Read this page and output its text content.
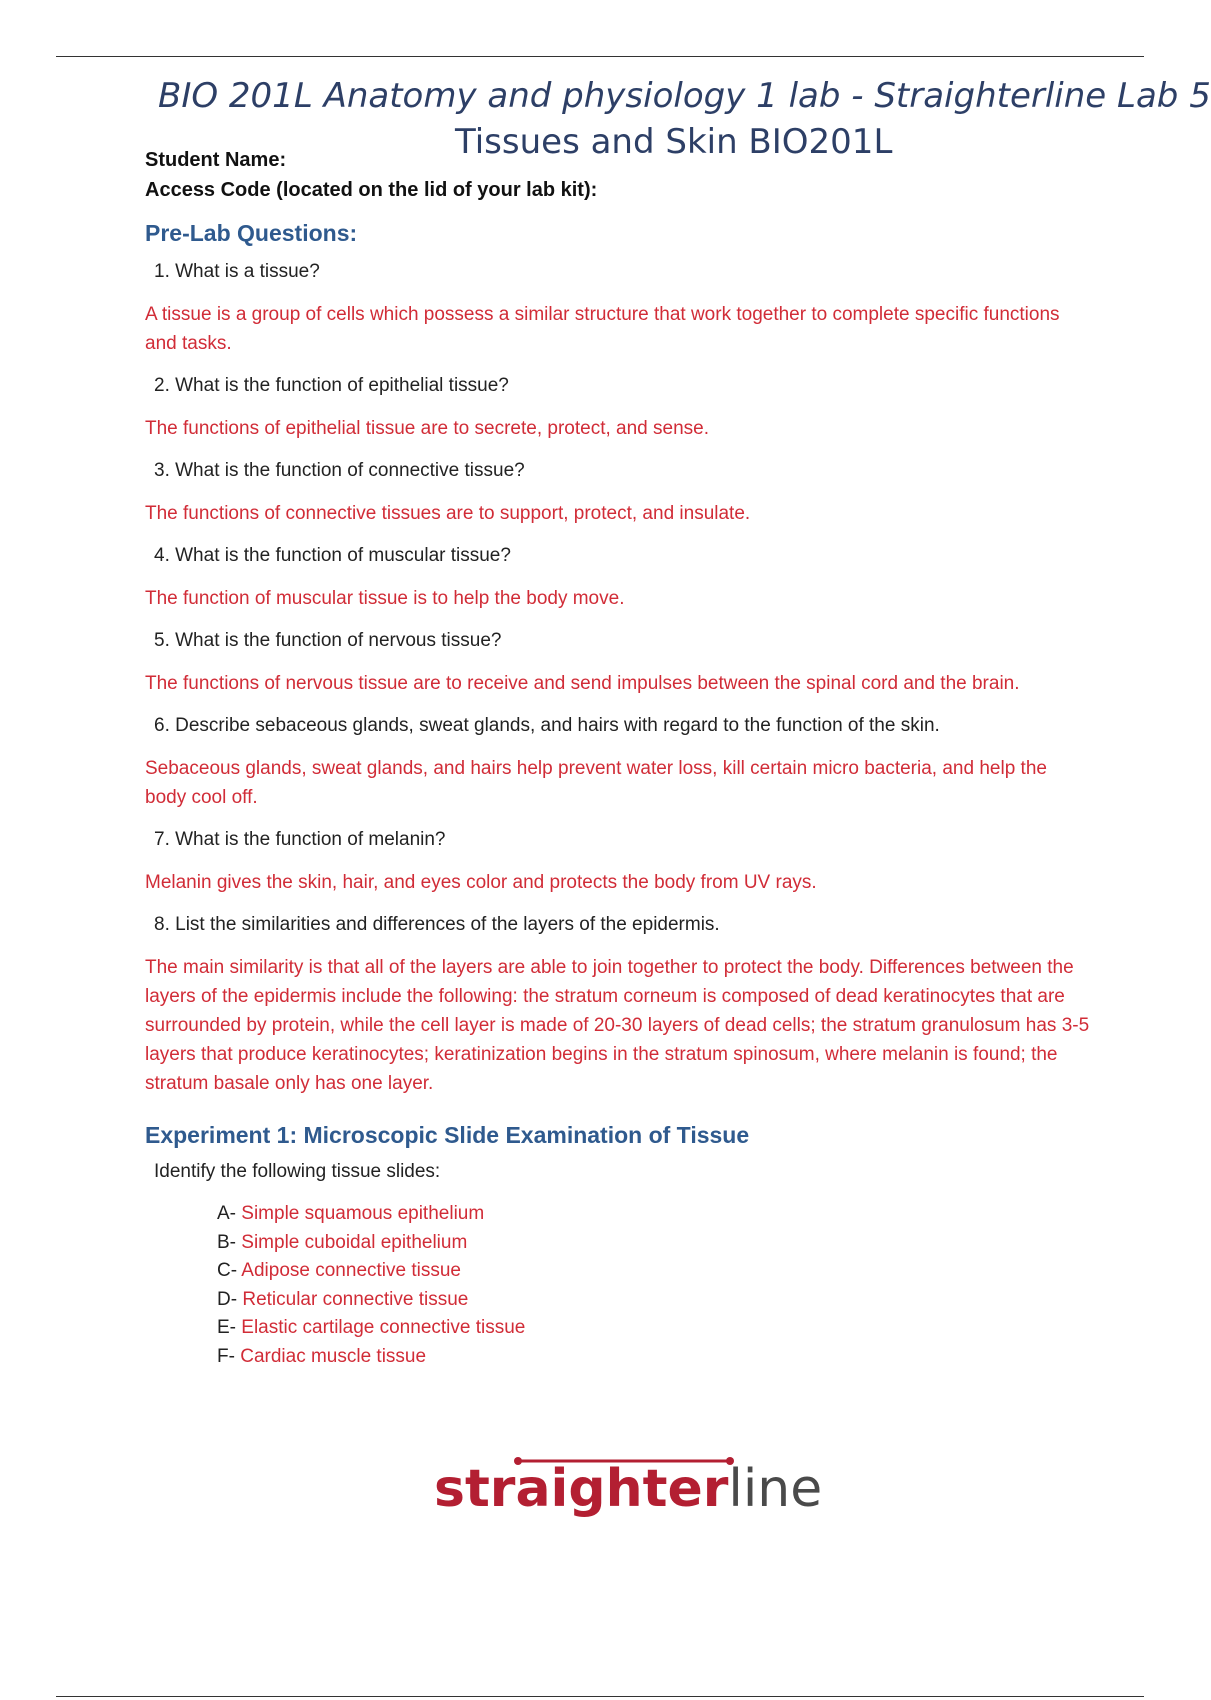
BIO 201L Anatomy and physiology 1 lab - Straighterline Lab 5
Tissues and Skin BIO201L
Student Name:
Access Code (located on the lid of your lab kit):
Pre-Lab Questions:
1. What is a tissue?
A tissue is a group of cells which possess a similar structure that work together to complete specific functions and tasks.
2. What is the function of epithelial tissue?
The functions of epithelial tissue are to secrete, protect, and sense.
3. What is the function of connective tissue?
The functions of connective tissues are to support, protect, and insulate.
4. What is the function of muscular tissue?
The function of muscular tissue is to help the body move.
5. What is the function of nervous tissue?
The functions of nervous tissue are to receive and send impulses between the spinal cord and the brain.
6. Describe sebaceous glands, sweat glands, and hairs with regard to the function of the skin.
Sebaceous glands, sweat glands, and hairs help prevent water loss, kill certain micro bacteria, and help the body cool off.
7. What is the function of melanin?
Melanin gives the skin, hair, and eyes color and protects the body from UV rays.
8. List the similarities and differences of the layers of the epidermis.
The main similarity is that all of the layers are able to join together to protect the body. Differences between the layers of the epidermis include the following: the stratum corneum is composed of dead keratinocytes that are surrounded by protein, while the cell layer is made of 20-30 layers of dead cells; the stratum granulosum has 3-5 layers that produce keratinocytes; keratinization begins in the stratum spinosum, where melanin is found; the stratum basale only has one layer.
Experiment 1: Microscopic Slide Examination of Tissue
Identify the following tissue slides:
A- Simple squamous epithelium
B- Simple cuboidal epithelium
C- Adipose connective tissue
D- Reticular connective tissue
E- Elastic cartilage connective tissue
F- Cardiac muscle tissue
straighterline
